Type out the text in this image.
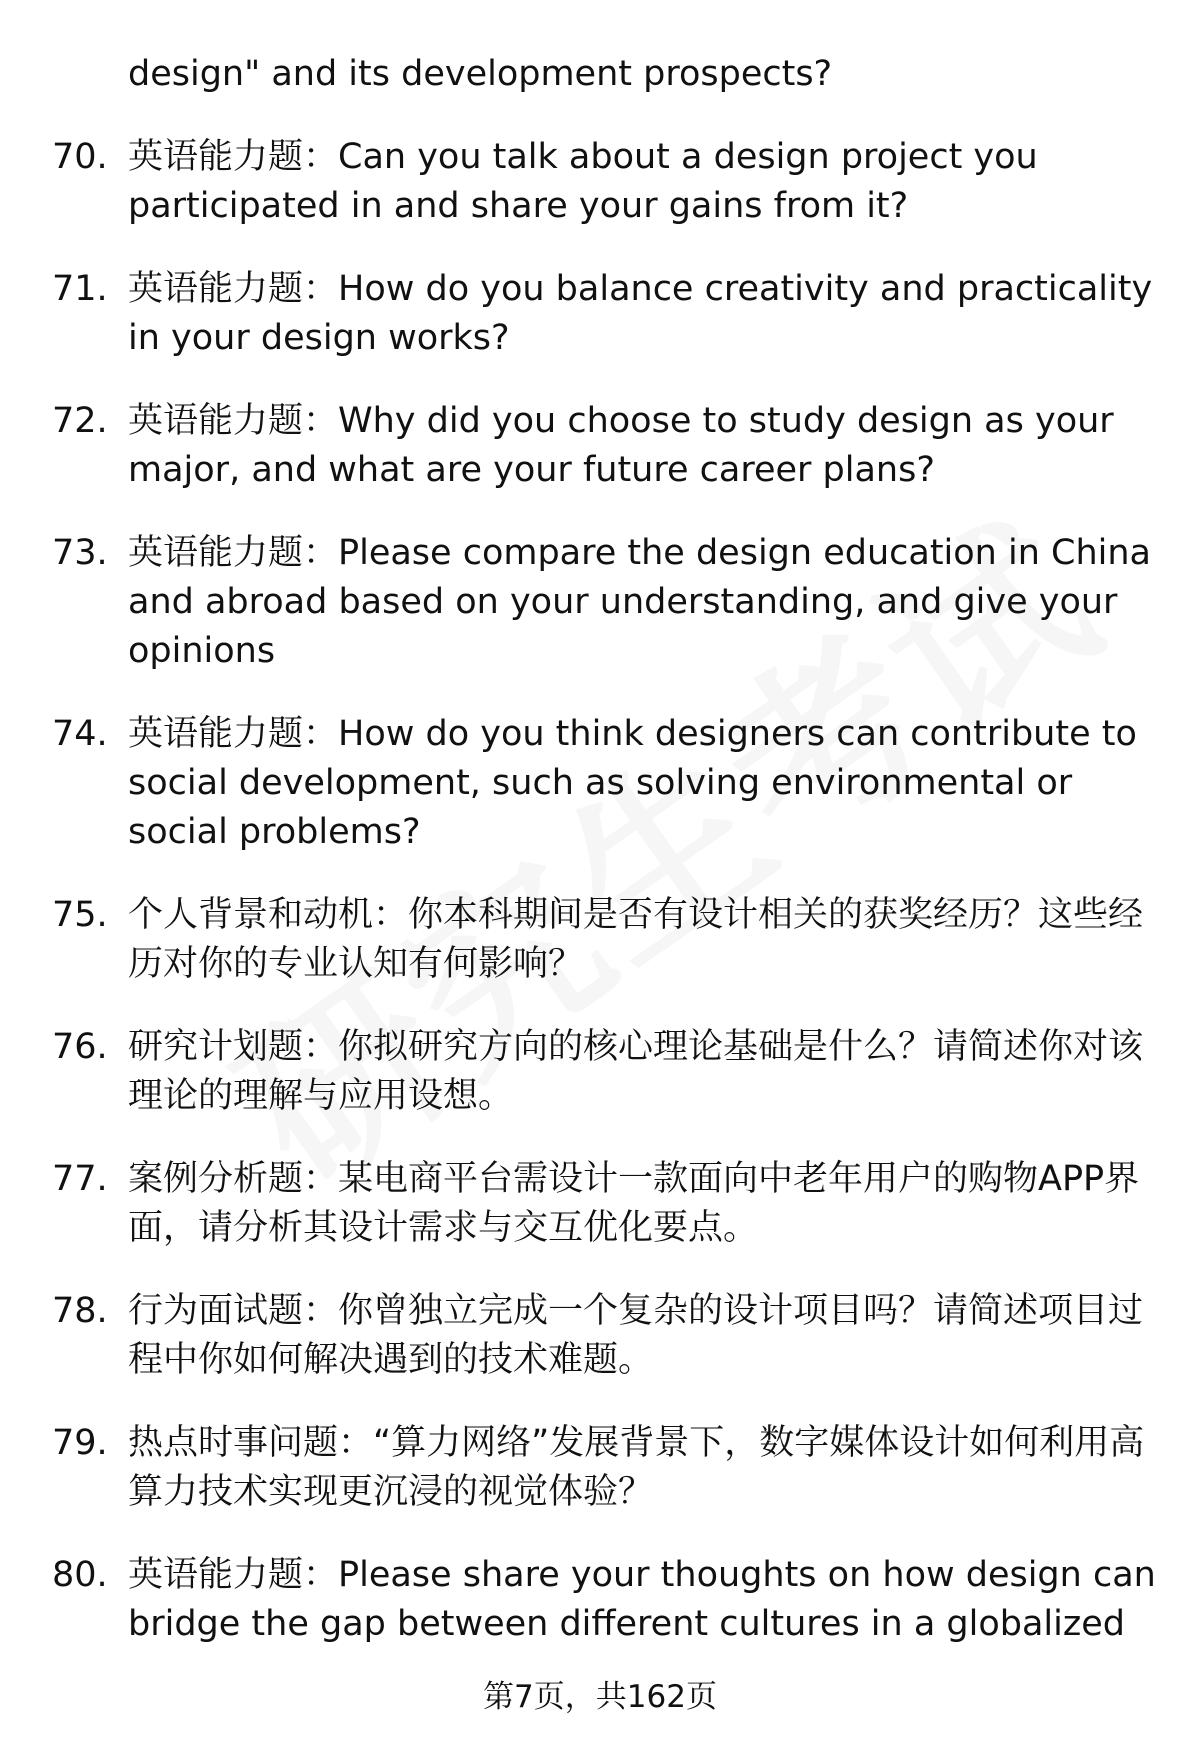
design" and its development prospects?
70. 英语能力题：Can you talk about a design project you participated in and share your gains from it?
71. 英语能力题：How do you balance creativity and practicality in your design works?
72. 英语能力题：Why did you choose to study design as your major, and what are your future career plans?
73. 英语能力题：Please compare the design education in China and abroad based on your understanding, and give your opinions
74. 英语能力题：How do you think designers can contribute to social development, such as solving environmental or social problems?
75. 个人背景和动机：你本科期间是否有设计相关的获奖经历？这些经历对你的专业认知有何影响？
76. 研究计划题：你拟研究方向的核心理论基础是什么？请简述你对该理论的理解与应用设想。
77. 案例分析题：某电商平台需设计一款面向中老年用户的购物APP界面，请分析其设计需求与交互优化要点。
78. 行为面试题：你曾独立完成一个复杂的设计项目吗？请简述项目过程中你如何解决遇到的技术难题。
79. 热点时事问题：“算力网络”发展背景下，数字媒体设计如何利用高算力技术实现更沉浸的视觉体验？
80. 英语能力题：Please share your thoughts on how design can bridge the gap between different cultures in a globalized
第7页，共162页
